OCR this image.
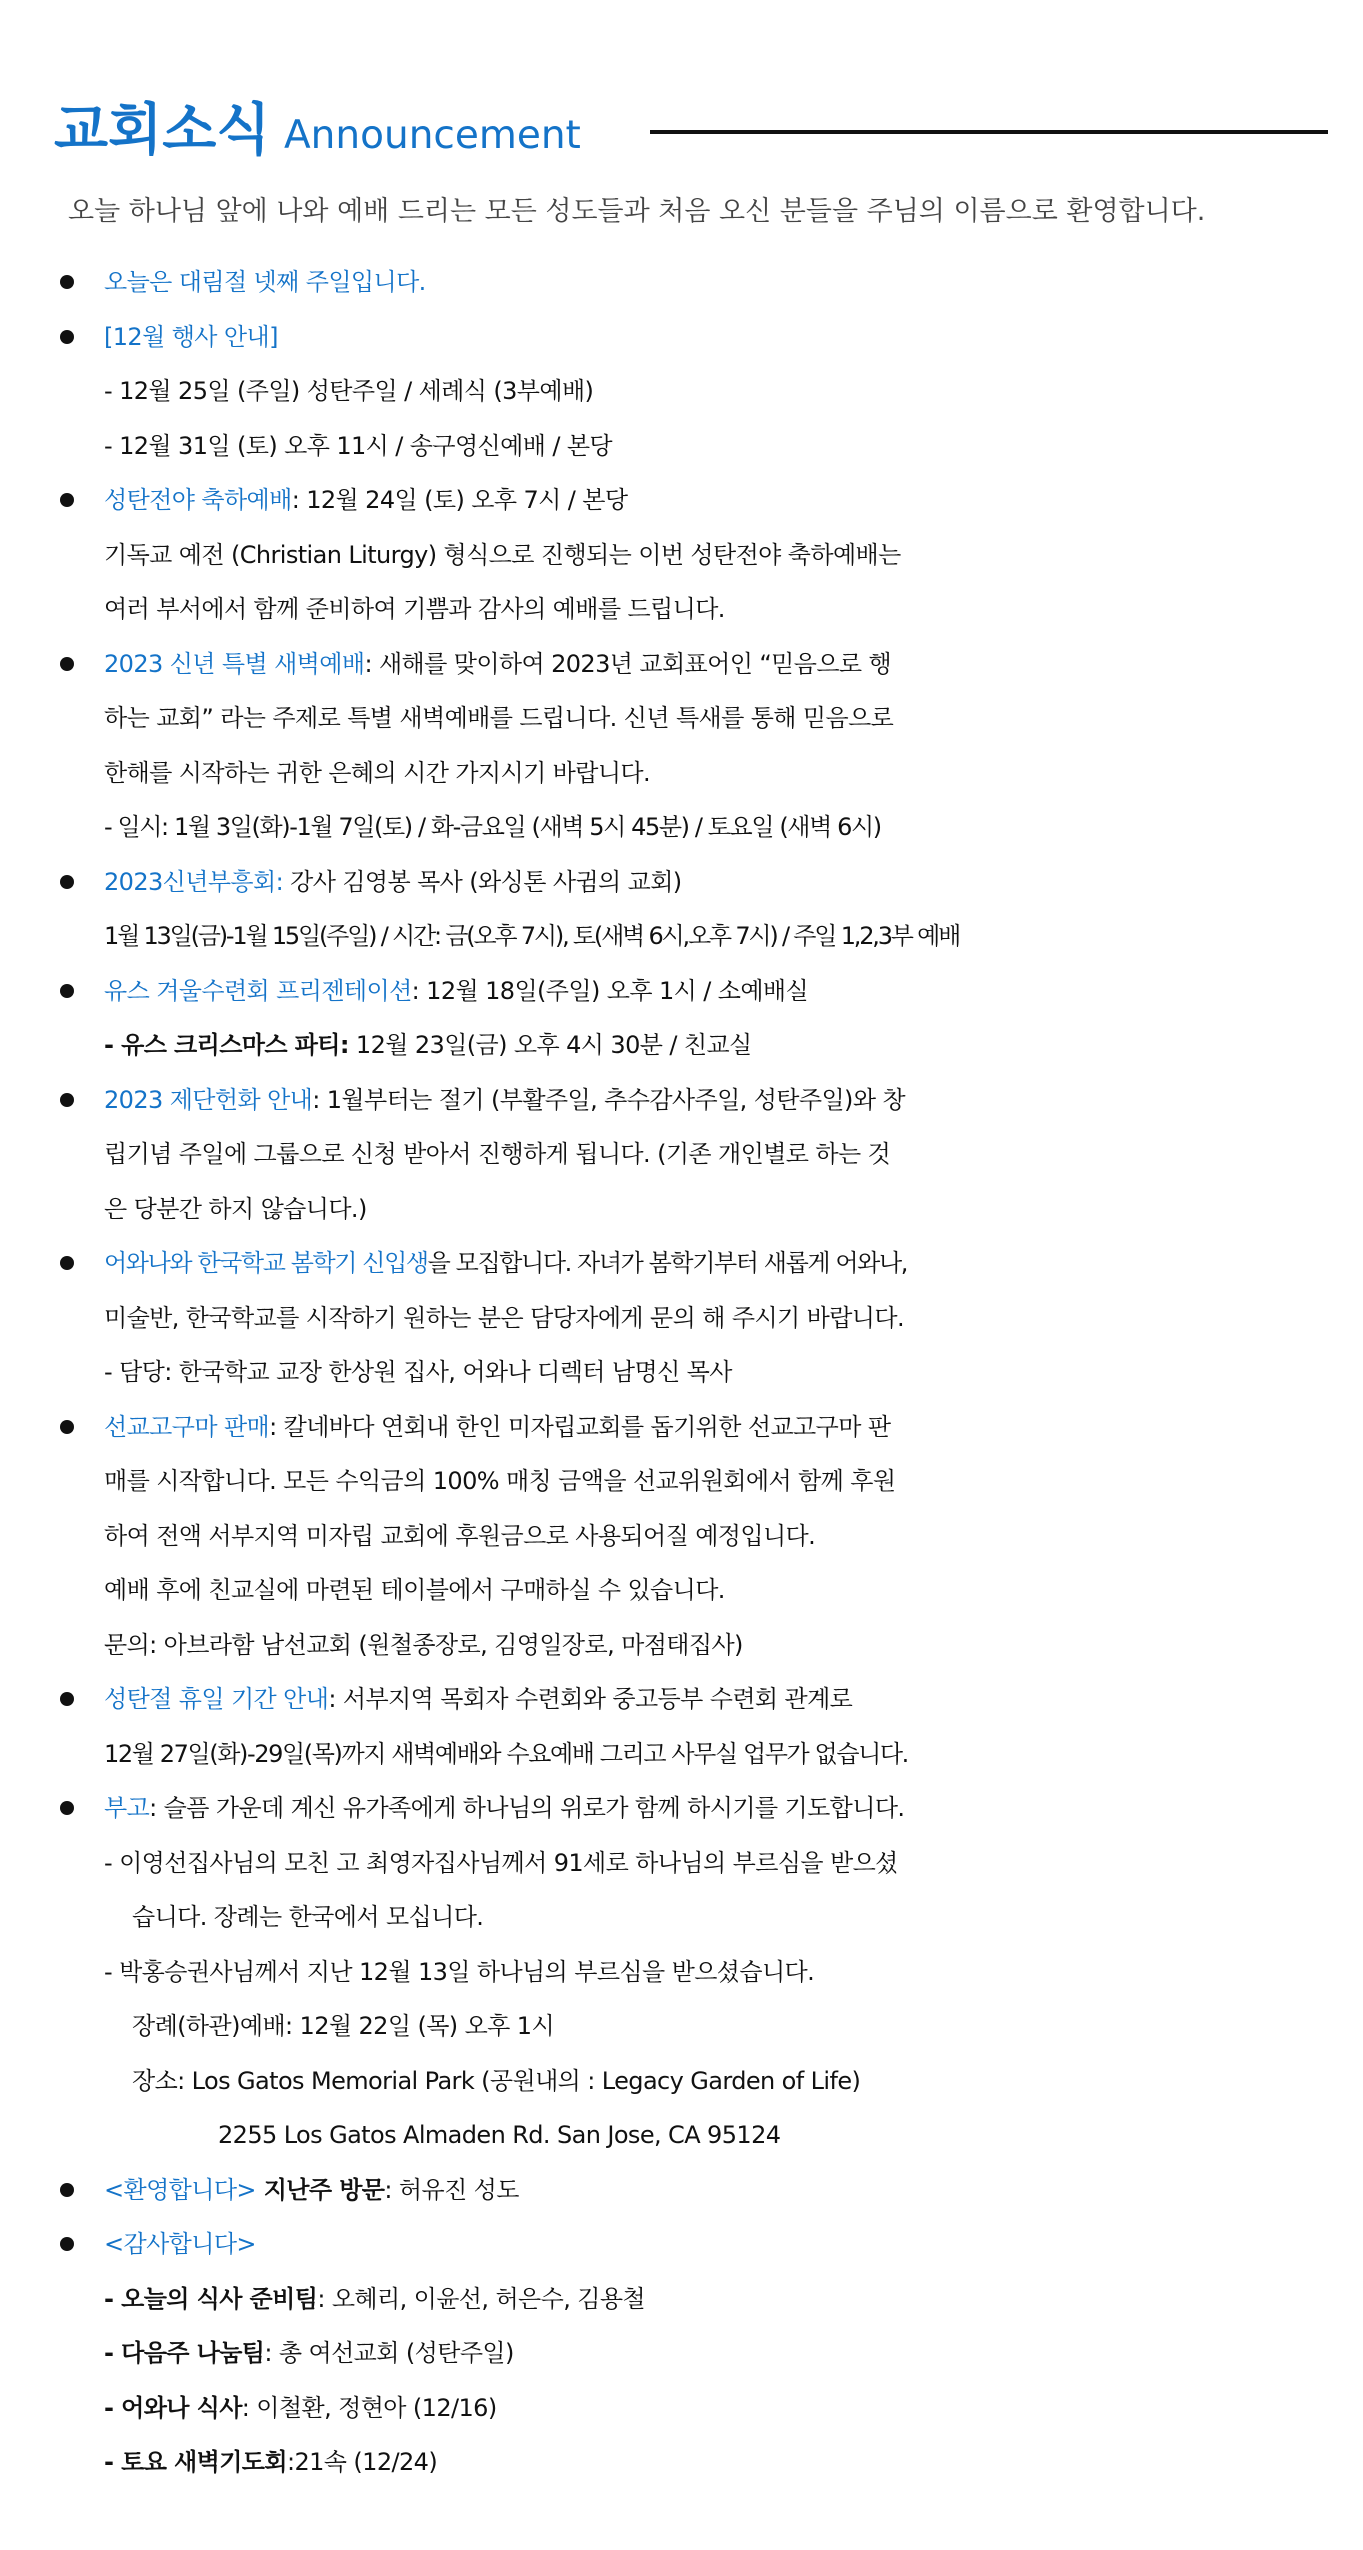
교회소식 Announcement
오늘 하나님 앞에 나와 예배 드리는 모든 성도들과 처음 오신 분들을 주님의 이름으로 환영합니다.
오늘은 대림절 넷째 주일입니다.
[12월 행사 안내]
- 12월 25일 (주일) 성탄주일 / 세례식 (3부예배)
- 12월 31일 (토) 오후 11시 / 송구영신예배 / 본당
성탄전야 축하예배: 12월 24일 (토) 오후 7시 / 본당
기독교 예전 (Christian Liturgy) 형식으로 진행되는 이번 성탄전야 축하예배는
여러 부서에서 함께 준비하여 기쁨과 감사의 예배를 드립니다.
2023 신년 특별 새벽예배: 새해를 맞이하여 2023년 교회표어인 “믿음으로 행
하는 교회” 라는 주제로 특별 새벽예배를 드립니다. 신년 특새를 통해 믿음으로
한해를 시작하는 귀한 은혜의 시간 가지시기 바랍니다.
- 일시: 1월 3일(화)-1월 7일(토) / 화-금요일 (새벽 5시 45분) / 토요일 (새벽 6시)
2023신년부흥회: 강사 김영봉 목사 (와싱톤 사귐의 교회)
1월 13일(금)-1월 15일(주일) / 시간: 금(오후 7시), 토(새벽 6시,오후 7시) / 주일 1,2,3부 예배
유스 겨울수련회 프리젠테이션: 12월 18일(주일) 오후 1시 / 소예배실
- 유스 크리스마스 파티: 12월 23일(금) 오후 4시 30분 / 친교실
2023 제단헌화 안내: 1월부터는 절기 (부활주일, 추수감사주일, 성탄주일)와 창
립기념 주일에 그룹으로 신청 받아서 진행하게 됩니다. (기존 개인별로 하는 것
은 당분간 하지 않습니다.)
어와나와 한국학교 봄학기 신입생을 모집합니다. 자녀가 봄학기부터 새롭게 어와나,
미술반, 한국학교를 시작하기 원하는 분은 담당자에게 문의 해 주시기 바랍니다.
- 담당: 한국학교 교장 한상원 집사, 어와나 디렉터 남명신 목사
선교고구마 판매: 칼네바다 연회내 한인 미자립교회를 돕기위한 선교고구마 판
매를 시작합니다. 모든 수익금의 100% 매칭 금액을 선교위원회에서 함께 후원
하여 전액 서부지역 미자립 교회에 후원금으로 사용되어질 예정입니다.
예배 후에 친교실에 마련된 테이블에서 구매하실 수 있습니다.
문의: 아브라함 남선교회 (원철종장로, 김영일장로, 마점태집사)
성탄절 휴일 기간 안내: 서부지역 목회자 수련회와 중고등부 수련회 관계로
12월 27일(화)-29일(목)까지 새벽예배와 수요예배 그리고 사무실 업무가 없습니다.
부고: 슬픔 가운데 계신 유가족에게 하나님의 위로가 함께 하시기를 기도합니다.
- 이영선집사님의 모친 고 최영자집사님께서 91세로 하나님의 부르심을 받으셨
습니다. 장례는 한국에서 모십니다.
- 박홍승권사님께서 지난 12월 13일 하나님의 부르심을 받으셨습니다.
장례(하관)예배: 12월 22일 (목) 오후 1시
장소: Los Gatos Memorial Park (공원내의 : Legacy Garden of Life)
2255 Los Gatos Almaden Rd. San Jose, CA 95124
<환영합니다> 지난주 방문: 허유진 성도
<감사합니다>
- 오늘의 식사 준비팀: 오혜리, 이윤선, 허은수, 김용철
- 다음주 나눔팀: 총 여선교회 (성탄주일)
- 어와나 식사: 이철환, 정현아 (12/16)
- 토요 새벽기도회:21속 (12/24)
